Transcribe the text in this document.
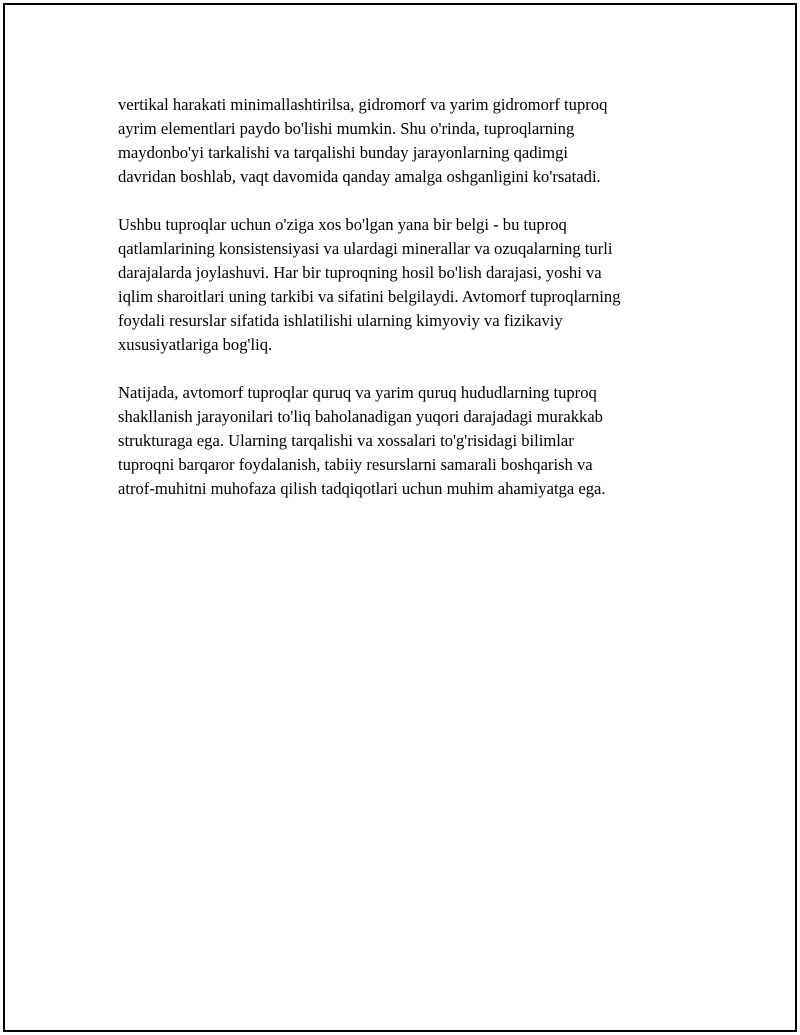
vertikal harakati minimallashtirilsa, gidromorf va yarim gidromorf tuproq
ayrim elementlari paydo bo'lishi mumkin. Shu o'rinda, tuproqlarning
maydonbo'yi tarkalishi va tarqalishi bunday jarayonlarning qadimgi
davridan boshlab, vaqt davomida qanday amalga oshganligini ko'rsatadi.

Ushbu tuproqlar uchun o'ziga xos bo'lgan yana bir belgi - bu tuproq
qatlamlarining konsistensiyasi va ulardagi minerallar va ozuqalarning turli
darajalarda joylashuvi. Har bir tuproqning hosil bo'lish darajasi, yoshi va
iqlim sharoitlari uning tarkibi va sifatini belgilaydi. Avtomorf tuproqlarning
foydali resurslar sifatida ishlatilishi ularning kimyoviy va fizikaviy
xususiyatlariga bog'liq.

Natijada, avtomorf tuproqlar quruq va yarim quruq hududlarning tuproq
shakllanish jarayonilari to'liq baholanadigan yuqori darajadagi murakkab
strukturaga ega. Ularning tarqalishi va xossalari to'g'risidagi bilimlar
tuproqni barqaror foydalanish, tabiiy resurslarni samarali boshqarish va
atrof-muhitni muhofaza qilish tadqiqotlari uchun muhim ahamiyatga ega.
